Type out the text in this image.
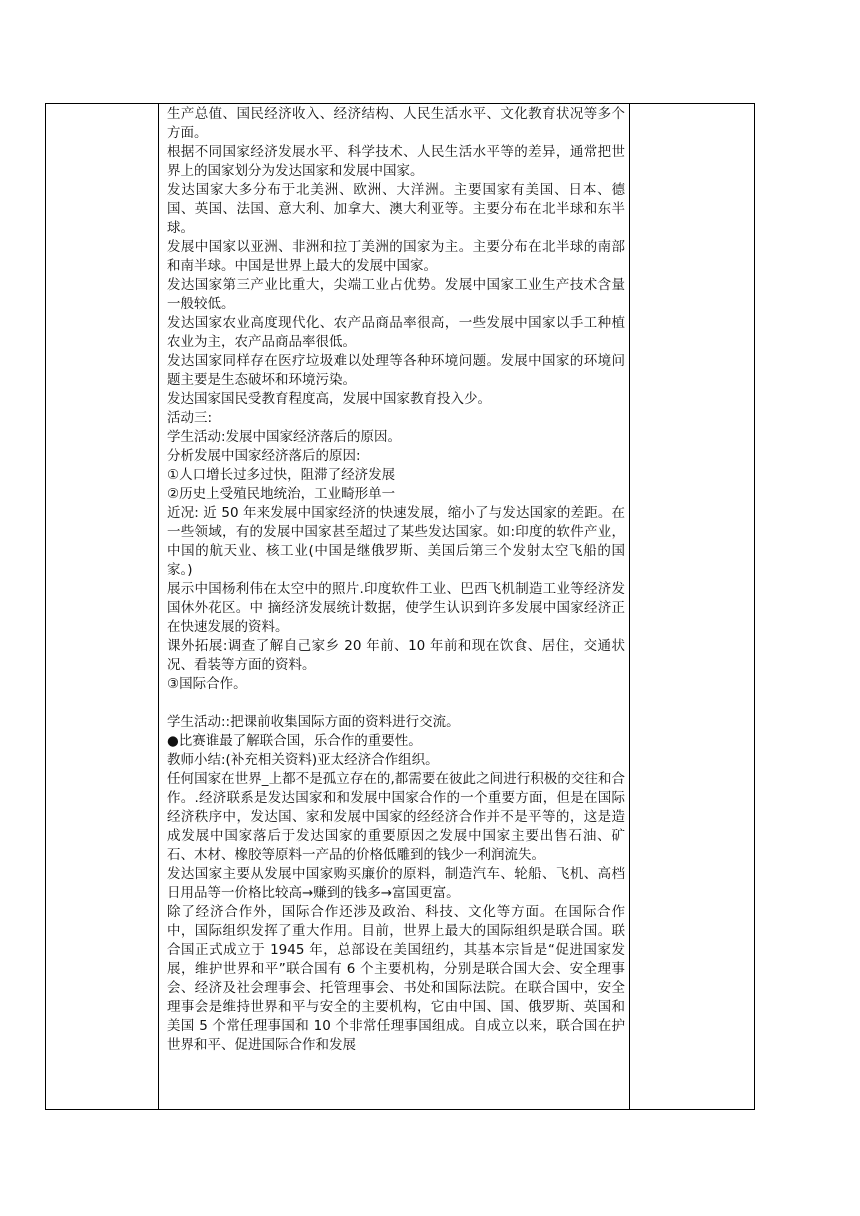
生产总值、国民经济收入、经济结构、人民生活水平、文化教育状况等多个方面。

根据不同国家经济发展水平、科学技术、人民生活水平等的差异，通常把世界上的国家划分为发达国家和发展中国家。

发达国家大多分布于北美洲、欧洲、大洋洲。主要国家有美国、日本、德国、英国、法国、意大利、加拿大、澳大利亚等。主要分布在北半球和东半球。

发展中国家以亚洲、非洲和拉丁美洲的国家为主。主要分布在北半球的南部和南半球。中国是世界上最大的发展中国家。

发达国家第三产业比重大，尖端工业占优势。发展中国家工业生产技术含量一般较低。

发达国家农业高度现代化、农产品商品率很高，一些发展中国家以手工种植农业为主，农产品商品率很低。

发达国家同样存在医疗垃圾难以处理等各种环境问题。发展中国家的环境问题主要是生态破坏和环境污染。

发达国家国民受教育程度高，发展中国家教育投入少。

活动三:

学生活动:发展中国家经济落后的原因。

分析发展中国家经济落后的原因:

①人口增长过多过快，阻滞了经济发展

②历史上受殖民地统治，工业畸形单一

近况: 近 50 年来发展中国家经济的快速发展，缩小了与发达国家的差距。在一些领域，有的发展中国家甚至超过了某些发达国家。如:印度的软件产业，中国的航天业、核工业(中国是继俄罗斯、美国后第三个发射太空飞船的国家。)

展示中国杨利伟在太空中的照片.印度软件工业、巴西飞机制造工业等经济发 国休外花区。中 摘经济发展统计数据，使学生认识到许多发展中国家经济正在快速发展的资料。

课外拓展:调查了解自己家乡 20 年前、10 年前和现在饮食、居住，交通状况、看装等方面的资料。

③国际合作。

学生活动::把课前收集国际方面的资料进行交流。

●比赛谁最了解联合国，乐合作的重要性。

教师小结:(补充相关资料)亚太经济合作组织。

任何国家在世界_上都不是孤立存在的,都需要在彼此之间进行积极的交往和合作。.经济联系是发达国家和和发展中国家合作的一个重要方面，但是在国际经济秩序中，发达国、家和发展中国家的经经济合作并不是平等的，这是造成发展中国家落后于发达国家的重要原因之发展中国家主要出售石油、矿石、木材、橡胶等原料一产品的价格低雕到的钱少一利润流失。

发达国家主要从发展中国家购买廉价的原料，制造汽车、轮船、飞机、高档日用品等一价格比较高→赚到的钱多→富国更富。

除了经济合作外，国际合作还涉及政治、科技、文化等方面。在国际合作中，国际组织发挥了重大作用。目前，世界上最大的国际组织是联合国。联合国正式成立于 1945 年，总部设在美国纽约，其基本宗旨是“促进国家发展，维护世界和平”联合国有 6 个主要机构，分别是联合国大会、安全理事会、经济及社会理事会、托管理事会、书处和国际法院。在联合国中，安全理事会是维持世界和平与安全的主要机构，它由中国、国、俄罗斯、英国和美国 5 个常任理事国和 10 个非常任理事国组成。自成立以来，联合国在护世界和平、促进国际合作和发展
